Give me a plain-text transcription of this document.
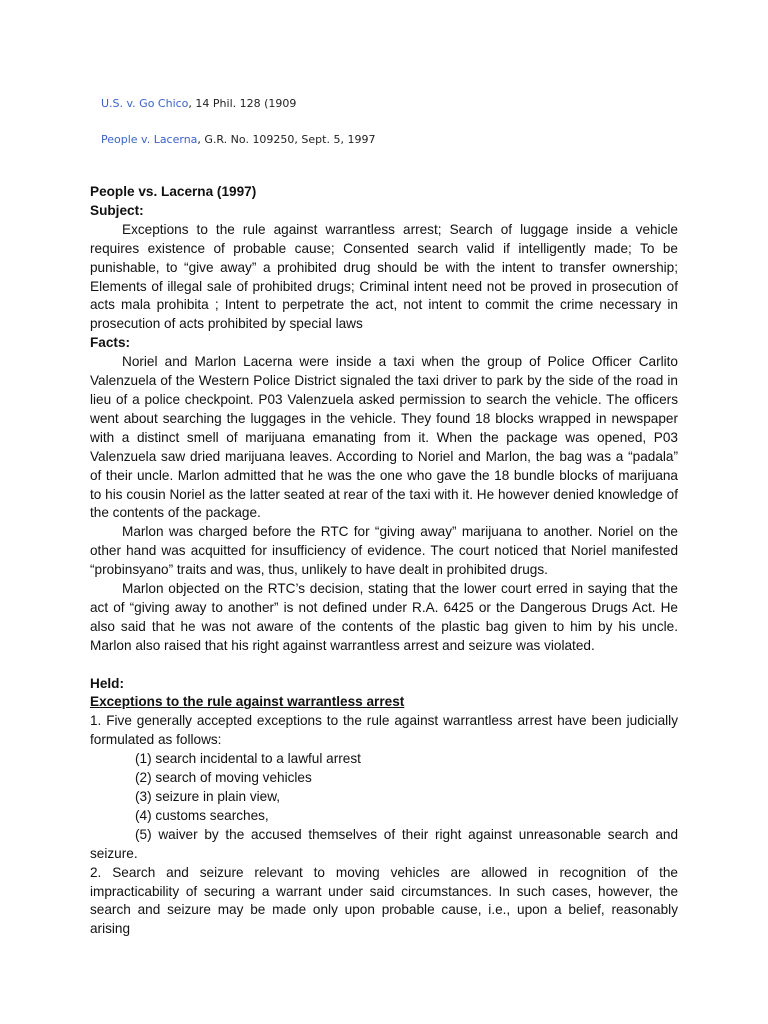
U.S. v. Go Chico, 14 Phil. 128 (1909
People v. Lacerna, G.R. No. 109250, Sept. 5, 1997

People vs. Lacerna (1997)

Subject:

Exceptions to the rule against warrantless arrest; Search of luggage inside a vehicle requires existence of probable cause; Consented search valid if intelligently made; To be punishable, to “give away” a prohibited drug should be with the intent to transfer ownership; Elements of illegal sale of prohibited drugs; Criminal intent need not be proved in prosecution of acts mala prohibita ; Intent to perpetrate the act, not intent to commit the crime necessary in prosecution of acts prohibited by special laws

Facts:

Noriel and Marlon Lacerna were inside a taxi when the group of Police Officer Carlito Valenzuela of the Western Police District signaled the taxi driver to park by the side of the road in lieu of a police checkpoint. P03 Valenzuela asked permission to search the vehicle. The officers went about searching the luggages in the vehicle. They found 18 blocks wrapped in newspaper with a distinct smell of marijuana emanating from it. When the package was opened, P03 Valenzuela saw dried marijuana leaves. According to Noriel and Marlon, the bag was a “padala” of their uncle. Marlon admitted that he was the one who gave the 18 bundle blocks of marijuana to his cousin Noriel as the latter seated at rear of the taxi with it. He however denied knowledge of the contents of the package.

Marlon was charged before the RTC for “giving away” marijuana to another. Noriel on the other hand was acquitted for insufficiency of evidence. The court noticed that Noriel manifested “probinsyano” traits and was, thus, unlikely to have dealt in prohibited drugs.

Marlon objected on the RTC’s decision, stating that the lower court erred in saying that the act of “giving away to another” is not defined under R.A. 6425 or the Dangerous Drugs Act. He also said that he was not aware of the contents of the plastic bag given to him by his uncle. Marlon also raised that his right against warrantless arrest and seizure was violated.

Held:

Exceptions to the rule against warrantless arrest

1. Five generally accepted exceptions to the rule against warrantless arrest have been judicially formulated as follows:

(1) search incidental to a lawful arrest

(2) search of moving vehicles

(3) seizure in plain view,

(4) customs searches,

(5) waiver by the accused themselves of their right against unreasonable search and seizure.

2. Search and seizure relevant to moving vehicles are allowed in recognition of the impracticability of securing a warrant under said circumstances. In such cases, however, the search and seizure may be made only upon probable cause, i.e., upon a belief, reasonably arising
